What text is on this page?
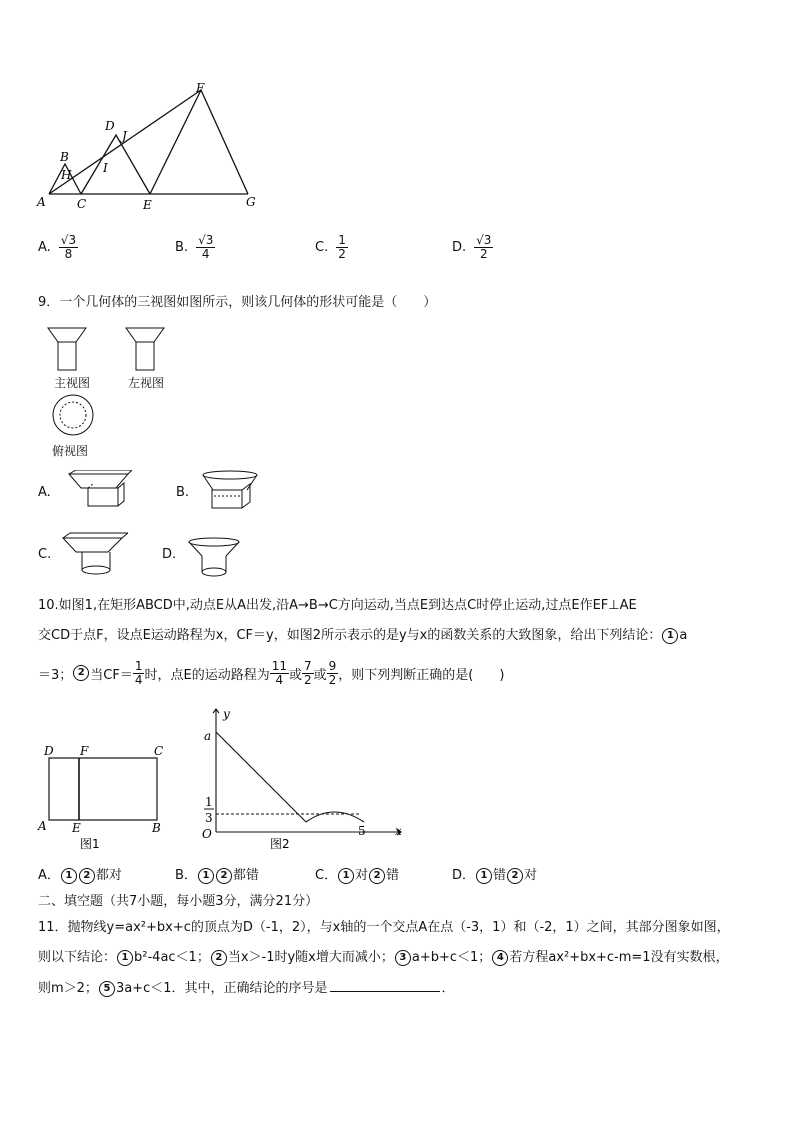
F
D
J
B
I
H
A	C	E	G
A. $\frac{√3}{8}$	B. $\frac{√3}{4}$	C. $\frac{1}{2}$	D. $\frac{√3}{2}$
9．一个几何体的三视图如图所示，则该几何体的形状可能是（　　）
主视图	左视图
俯视图
A.	B.
C.	D.
10.如图1,在矩形ABCD中,动点E从A出发,沿A→B→C方向运动,当点E到达点C时停止运动,过点E作EF⊥AE
交CD于点F，设点E运动路程为x，CF＝y，如图2所示表示的是y与x的函数关系的大致图象，给出下列结论： 1 a
＝3； 2 当$CF= \frac{1}{4}$ 时，点E的运动路程为 $\frac{11}{4}$ 或 $\frac{7}{2}$ 或 $\frac{9}{2}$ ，则下列判断正确的是(　　)
D F	C
A E	B
图1
y
a
1
3
O	5 x
图2
A． 1 2 都对	B． 1 2 都错	C． 1 对 2 错	D． 1 错 2 对
二、填空题（共7小题，每小题3分，满分21分）
11．抛物线y=ax²+bx+c的顶点为D（-1，2），与x轴的一个交点A在点（-3，1）和（-2，1）之间，其部分图象如图，
则以下结论： 1 b²-4ac＜1； 2 当x＞-1时y随x增大而减小； 3 a+b+c＜1； 4 若方程ax²+bx+c-m=1没有实数根，
则m＞2； 5 3a+c＜1．其中，正确结论的序号是	．
